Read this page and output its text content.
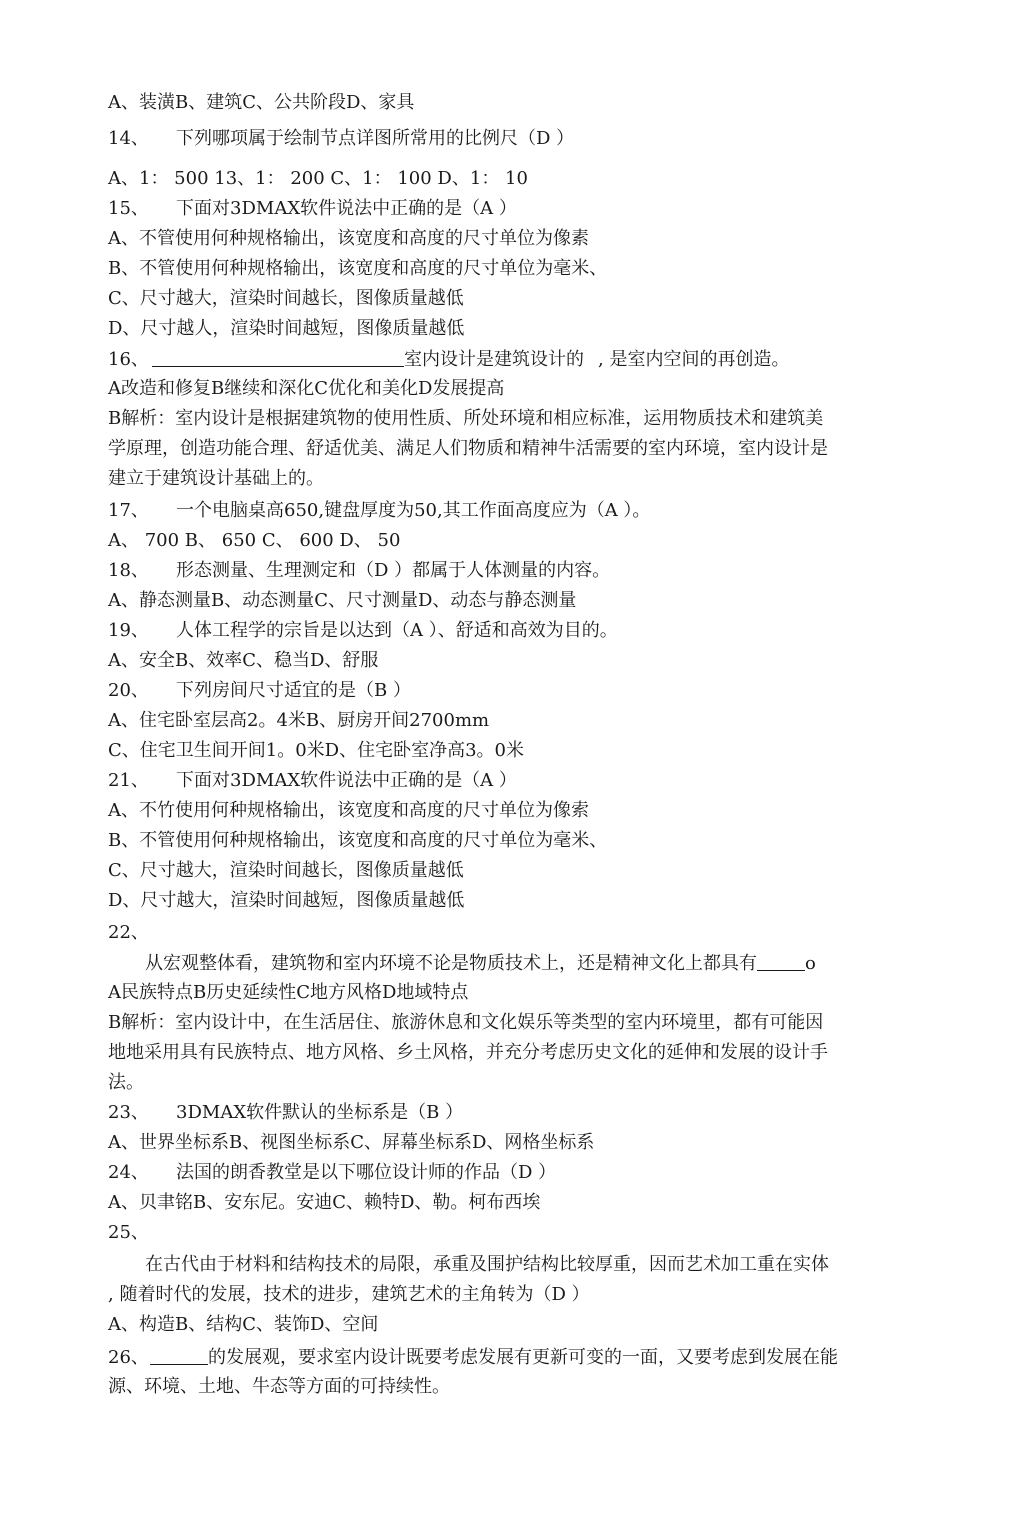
A、装潢B、建筑C、公共阶段D、家具
14、 下列哪项属于绘制节点详图所常用的比例尺（D ）
A、1： 500 13、1： 200 C、1： 100 D、1： 10
15、 下面对3DMAX软件说法中正确的是（A ）
A、不管使用何种规格输出，该宽度和高度的尺寸单位为像素
B、不管使用何种规格输出，该宽度和高度的尺寸单位为毫米、
C、尺寸越大，渲染时间越长，图像质量越低
D、尺寸越人，渲染时间越短，图像质量越低
16、	室内设计是建筑设计的 , 是室内空间的再创造。
A改造和修复B继续和深化C优化和美化D发展提高
B解析：室内设计是根据建筑物的使用性质、所处环境和相应标准，运用物质技术和建筑美
学原理，创造功能合理、舒适优美、满足人们物质和精神牛活需要的室内环境，室内设计是
建立于建筑设计基础上的。
17、 一个电脑桌高650,键盘厚度为50,其工作面高度应为（A ）。
A、 700 B、 650 C、 600 D、 50
18、 形态测量、生理测定和（D ）都属于人体测量的内容。
A、静态测量B、动态测量C、尺寸测量D、动态与静态测量
19、 人体工程学的宗旨是以达到（A ）、舒适和高效为目的。
A、安全B、效率C、稳当D、舒服
20、 下列房间尺寸适宜的是（B ）
A、住宅卧室层高2。4米B、厨房开间2700mm
C、住宅卫生间开间1。0米D、住宅卧室净高3。0米
21、 下面对3DMAX软件说法中正确的是（A ）
A、不竹使用何种规格输出，该宽度和高度的尺寸单位为像索
B、不管使用何种规格输出，该宽度和高度的尺寸单位为毫米、
C、尺寸越大，渲染时间越长，图像质量越低
D、尺寸越大，渲染时间越短，图像质量越低
22、
从宏观整体看，建筑物和室内环境不论是物质技术上，还是精神文化上都具有	o
A民族特点B历史延续性C地方风格D地域特点
B解析：室内设计中，在生活居住、旅游休息和文化娱乐等类型的室内环境里，都有可能因
地地采用具有民族特点、地方风格、乡土风格，并充分考虑历史文化的延伸和发展的设计手
法。
23、 3DMAX软件默认的坐标系是（B ）
A、世界坐标系B、视图坐标系C、屏幕坐标系D、网格坐标系
24、 法国的朗香教堂是以下哪位设计师的作品（D ）
A、贝聿铭B、安东尼。安迪C、赖特D、勒。柯布西埃
25、
在古代由于材料和结构技术的局限，承重及围护结构比较厚重，因而艺术加工重在实体
, 随着时代的发展，技术的进步，建筑艺术的主角转为（D ）
A、构造B、结构C、装饰D、空间
26、	的发展观，要求室内设计既要考虑发展有更新可变的一面，又要考虑到发展在能
源、环境、土地、牛态等方面的可持续性。
